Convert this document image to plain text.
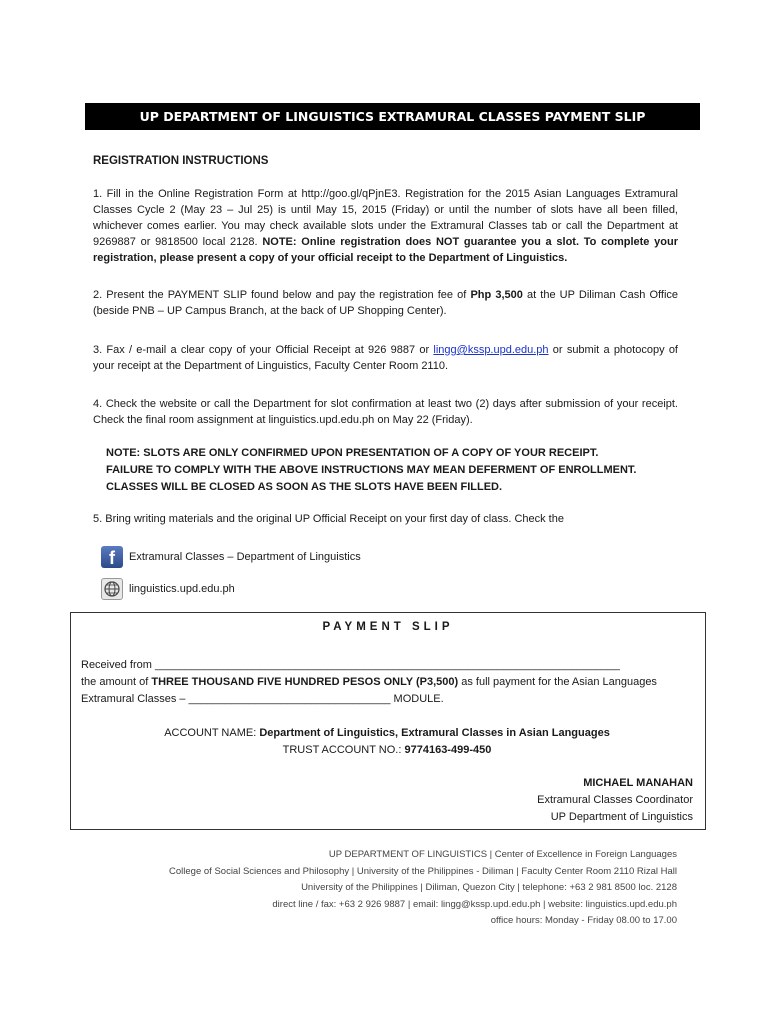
UP DEPARTMENT OF LINGUISTICS EXTRAMURAL CLASSES PAYMENT SLIP
REGISTRATION INSTRUCTIONS

1. Fill in the Online Registration Form at http://goo.gl/qPjnE3. Registration for the 2015 Asian Languages Extramural Classes Cycle 2 (May 23 – Jul 25) is until May 15, 2015 (Friday) or until the number of slots have all been filled, whichever comes earlier. You may check available slots under the Extramural Classes tab or call the Department at 9269887 or 9818500 local 2128. NOTE: Online registration does NOT guarantee you a slot. To complete your registration, please present a copy of your official receipt to the Department of Linguistics.

2. Present the PAYMENT SLIP found below and pay the registration fee of Php 3,500 at the UP Diliman Cash Office (beside PNB – UP Campus Branch, at the back of UP Shopping Center).

3. Fax / e-mail a clear copy of your Official Receipt at 926 9887 or lingg@kssp.upd.edu.ph or submit a photocopy of your receipt at the Department of Linguistics, Faculty Center Room 2110.

4. Check the website or call the Department for slot confirmation at least two (2) days after submission of your receipt. Check the final room assignment at linguistics.upd.edu.ph on May 22 (Friday).

NOTE: SLOTS ARE ONLY CONFIRMED UPON PRESENTATION OF A COPY OF YOUR RECEIPT.
FAILURE TO COMPLY WITH THE ABOVE INSTRUCTIONS MAY MEAN DEFERMENT OF ENROLLMENT.
CLASSES WILL BE CLOSED AS SOON AS THE SLOTS HAVE BEEN FILLED.

5. Bring writing materials and the original UP Official Receipt on your first day of class. Check the

f	Extramural Classes – Department of Linguistics
linguistics.upd.edu.ph
PAYMENT SLIP

Received from ____________________________________________________________________________

the amount of THREE THOUSAND FIVE HUNDRED PESOS ONLY (P3,500) as full payment for the Asian Languages

Extramural Classes – _________________________________ MODULE.

ACCOUNT NAME: Department of Linguistics, Extramural Classes in Asian Languages

TRUST ACCOUNT NO.: 9774163-499-450

MICHAEL MANAHAN

Extramural Classes Coordinator

UP Department of Linguistics

UP DEPARTMENT OF LINGUISTICS | Center of Excellence in Foreign Languages
College of Social Sciences and Philosophy | University of the Philippines - Diliman | Faculty Center Room 2110 Rizal Hall
University of the Philippines | Diliman, Quezon City | telephone: +63 2 981 8500 loc. 2128
direct line / fax: +63 2 926 9887 | email: lingg@kssp.upd.edu.ph | website: linguistics.upd.edu.ph
office hours: Monday - Friday 08.00 to 17.00
